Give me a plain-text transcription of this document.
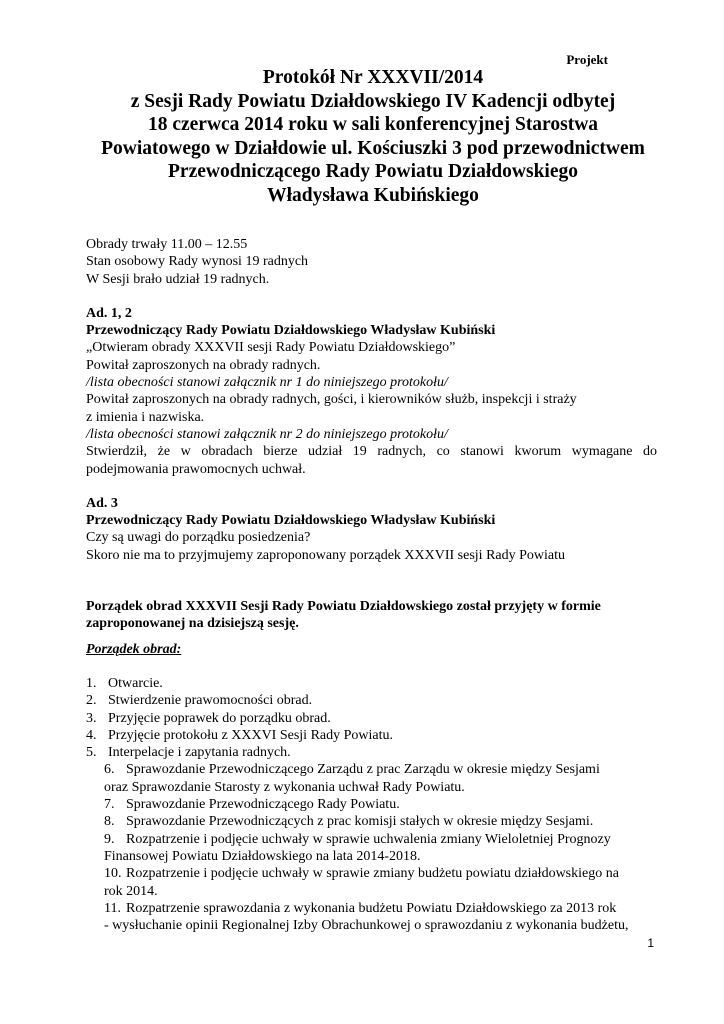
Projekt
Protokół Nr XXXVII/2014
z Sesji Rady Powiatu Działdowskiego IV Kadencji odbytej
18 czerwca 2014 roku w sali konferencyjnej Starostwa
Powiatowego w Działdowie ul. Kościuszki 3 pod przewodnictwem
Przewodniczącego Rady Powiatu Działdowskiego
Władysława Kubińskiego

Obrady trwały 11.00 – 12.55

Stan osobowy Rady wynosi 19 radnych

W Sesji brało udział 19 radnych.

Ad. 1, 2

Przewodniczący Rady Powiatu Działdowskiego Władysław Kubiński

„Otwieram obrady XXXVII sesji Rady Powiatu Działdowskiego”

Powitał zaproszonych na obrady radnych.

/lista obecności stanowi załącznik nr 1 do niniejszego protokołu/

Powitał zaproszonych na obrady radnych, gości, i kierowników służb, inspekcji i straży

z imienia i nazwiska.

/lista obecności stanowi załącznik nr 2 do niniejszego protokołu/

Stwierdził, że w obradach bierze udział 19 radnych, co stanowi kworum wymagane do podejmowania prawomocnych uchwał.

Ad. 3

Przewodniczący Rady Powiatu Działdowskiego Władysław Kubiński

Czy są uwagi do porządku posiedzenia?

Skoro nie ma to przyjmujemy zaproponowany porządek XXXVII sesji Rady Powiatu

Porządek obrad XXXVII Sesji Rady Powiatu Działdowskiego został przyjęty w formie zaproponowanej na dzisiejszą sesję.

Porządek obrad:

1. Otwarcie.
2. Stwierdzenie prawomocności obrad.
3. Przyjęcie poprawek do porządku obrad.
4. Przyjęcie protokołu z XXXVI Sesji Rady Powiatu.
5. Interpelacje i zapytania radnych.
6. Sprawozdanie Przewodniczącego Zarządu z prac Zarządu w okresie między Sesjami
oraz Sprawozdanie Starosty z wykonania uchwał Rady Powiatu.
7. Sprawozdanie Przewodniczącego Rady Powiatu.
8. Sprawozdanie Przewodniczących z prac komisji stałych w okresie między Sesjami.
9. Rozpatrzenie i podjęcie uchwały w sprawie uchwalenia zmiany Wieloletniej Prognozy
Finansowej Powiatu Działdowskiego na lata 2014-2018.
10. Rozpatrzenie i podjęcie uchwały w sprawie zmiany budżetu powiatu działdowskiego na
rok 2014.
11. Rozpatrzenie sprawozdania z wykonania budżetu Powiatu Działdowskiego za 2013 rok
- wysłuchanie opinii Regionalnej Izby Obrachunkowej o sprawozdaniu z wykonania budżetu,
1
